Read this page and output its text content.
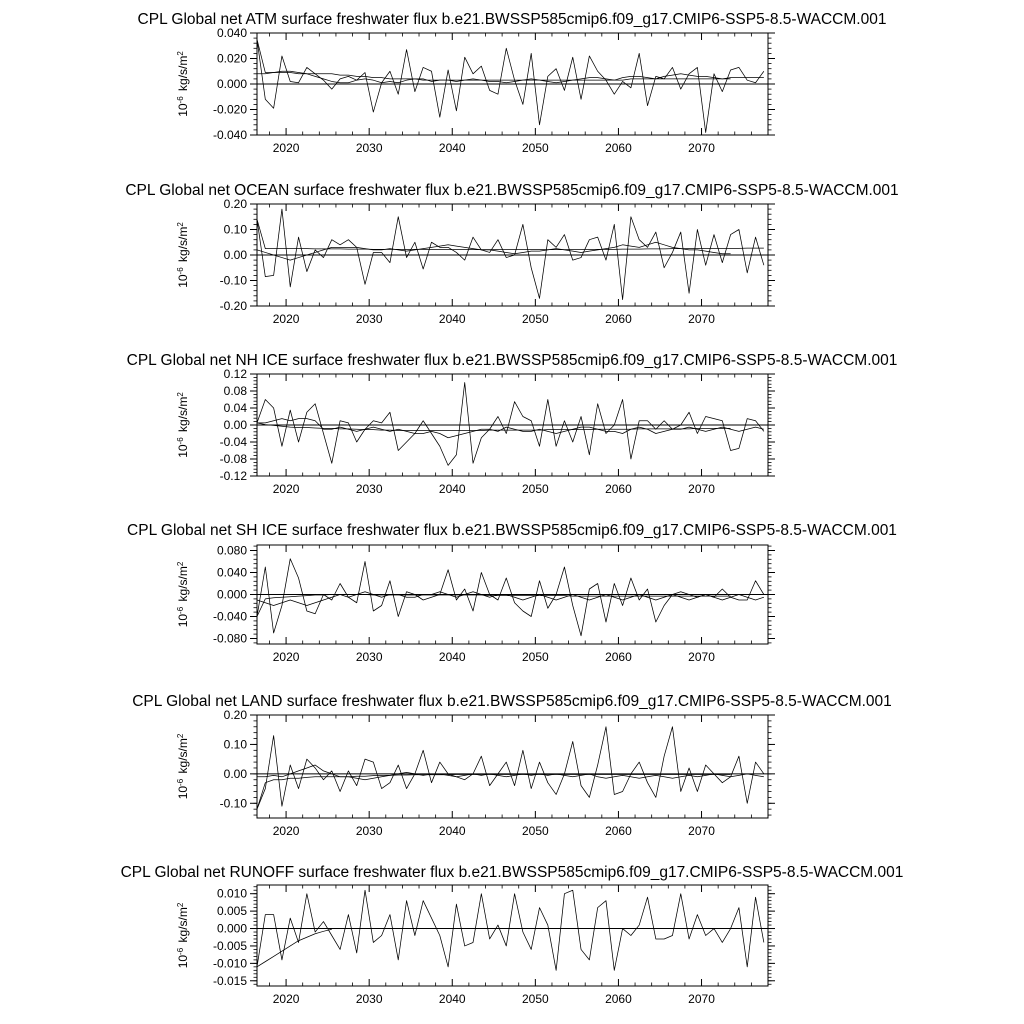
CPL Global net ATM surface freshwater flux b.e21.BWSSP585cmip6.f09_g17.CMIP6-SSP5-8.5-WACCM.001
2020	2030	2040	2050	2060	2070
-0.040
-0.020
0.000
0.020
0.040
$10^{-6}$ $kg/s/m^2$
CPL Global net OCEAN surface freshwater flux b.e21.BWSSP585cmip6.f09_g17.CMIP6-SSP5-8.5-WACCM.001
2020	2030	2040	2050	2060	2070
-0.20
-0.10
0.00
0.10
0.20
$10^{-6}$ $kg/s/m^2$
CPL Global net NH ICE surface freshwater flux b.e21.BWSSP585cmip6.f09_g17.CMIP6-SSP5-8.5-WACCM.001
2020	2030	2040	2050	2060	2070
-0.12
-0.08
-0.04
0.00
0.04
0.08
0.12
$10^{-6}$ $kg/s/m^2$
CPL Global net SH ICE surface freshwater flux b.e21.BWSSP585cmip6.f09_g17.CMIP6-SSP5-8.5-WACCM.001
2020	2030	2040	2050	2060	2070
-0.080
-0.040
0.000
0.040
0.080
$10^{-6}$ $kg/s/m^2$
CPL Global net LAND surface freshwater flux b.e21.BWSSP585cmip6.f09_g17.CMIP6-SSP5-8.5-WACCM.001
2020	2030	2040	2050	2060	2070
-0.10
0.00
0.10
0.20
$10^{-6}$ $kg/s/m^2$
CPL Global net RUNOFF surface freshwater flux b.e21.BWSSP585cmip6.f09_g17.CMIP6-SSP5-8.5-WACCM.001
2020	2030	2040	2050	2060	2070
-0.015
-0.010
-0.005
0.000
0.005
0.010
$10^{-6}$ $kg/s/m^2$
